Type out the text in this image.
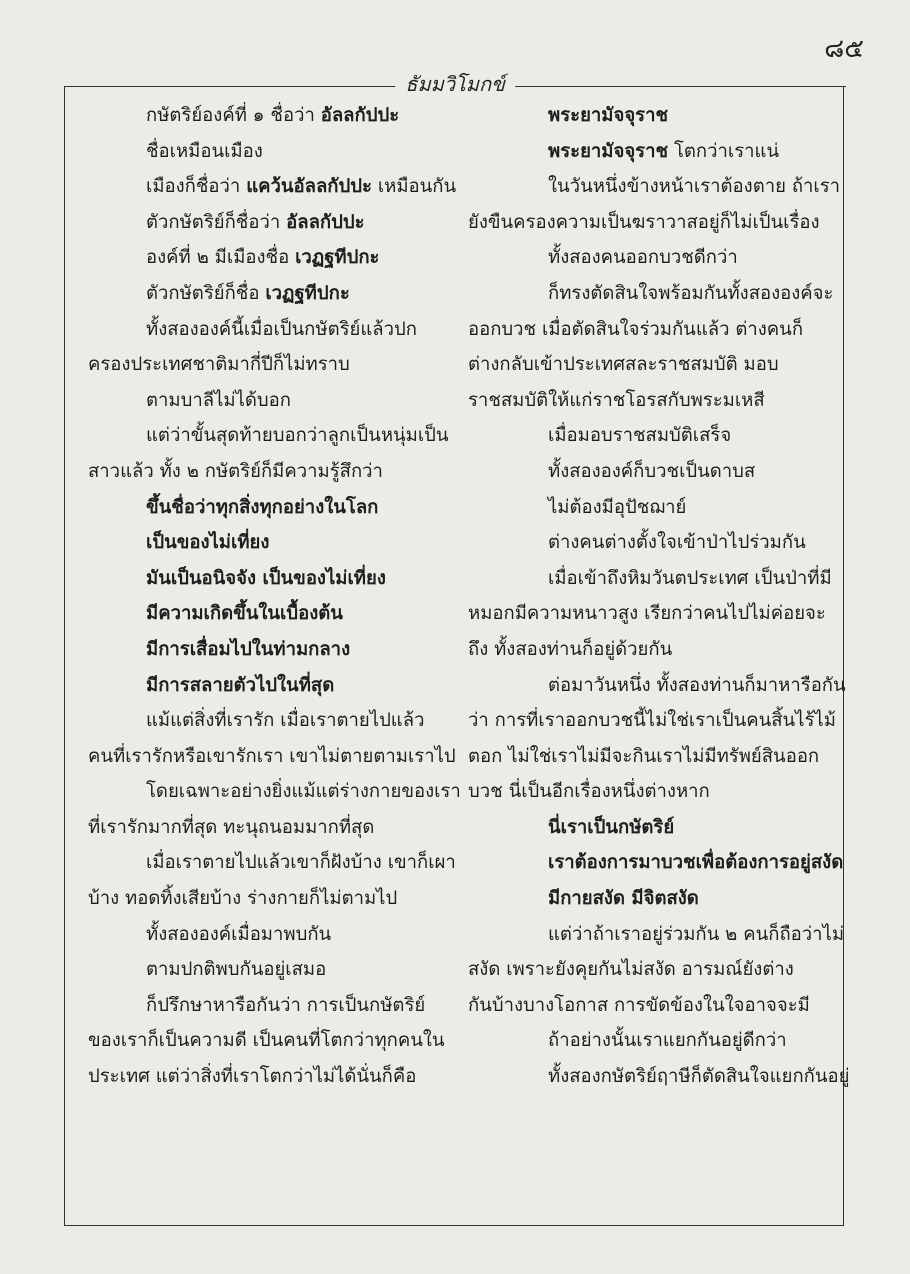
๘๕
ธัมมวิโมกข์
กษัตริย์องค์ที่ ๑ ชื่อว่า อัลลกัปปะ
ชื่อเหมือนเมือง
เมืองก็ชื่อว่า แคว้นอัลลกัปปะ เหมือนกัน
ตัวกษัตริย์ก็ชื่อว่า อัลลกัปปะ
องค์ที่ ๒ มีเมืองชื่อ เวฏฐทีปกะ
ตัวกษัตริย์ก็ชื่อ เวฏฐทีปกะ
ทั้งสององค์นี้เมื่อเป็นกษัตริย์แล้วปก
ครองประเทศชาติมากี่ปีก็ไม่ทราบ
ตามบาลีไม่ได้บอก
แต่ว่าขั้นสุดท้ายบอกว่าลูกเป็นหนุ่มเป็น
สาวแล้ว ทั้ง ๒ กษัตริย์ก็มีความรู้สึกว่า
ขึ้นชื่อว่าทุกสิ่งทุกอย่างในโลก
เป็นของไม่เที่ยง
มันเป็นอนิจจัง เป็นของไม่เที่ยง
มีความเกิดขึ้นในเบื้องต้น
มีการเสื่อมไปในท่ามกลาง
มีการสลายตัวไปในที่สุด
แม้แต่สิ่งที่เรารัก เมื่อเราตายไปแล้ว
คนที่เรารักหรือเขารักเรา เขาไม่ตายตามเราไป
โดยเฉพาะอย่างยิ่งแม้แต่ร่างกายของเรา
ที่เรารักมากที่สุด ทะนุถนอมมากที่สุด
เมื่อเราตายไปแล้วเขาก็ฝังบ้าง เขาก็เผา
บ้าง ทอดทิ้งเสียบ้าง ร่างกายก็ไม่ตามไป
ทั้งสององค์เมื่อมาพบกัน
ตามปกติพบกันอยู่เสมอ
ก็ปรึกษาหารือกันว่า การเป็นกษัตริย์
ของเราก็เป็นความดี เป็นคนที่โตกว่าทุกคนใน
ประเทศ แต่ว่าสิ่งที่เราโตกว่าไม่ได้นั่นก็คือ
พระยามัจจุราช
พระยามัจจุราช โตกว่าเราแน่
ในวันหนึ่งข้างหน้าเราต้องตาย ถ้าเรา
ยังขืนครองความเป็นฆราวาสอยู่ก็ไม่เป็นเรื่อง
ทั้งสองคนออกบวชดีกว่า
ก็ทรงตัดสินใจพร้อมกันทั้งสององค์จะ
ออกบวช เมื่อตัดสินใจร่วมกันแล้ว ต่างคนก็
ต่างกลับเข้าประเทศสละราชสมบัติ มอบ
ราชสมบัติให้แก่ราชโอรสกับพระมเหสี
เมื่อมอบราชสมบัติเสร็จ
ทั้งสององค์ก็บวชเป็นดาบส
ไม่ต้องมีอุปัชฌาย์
ต่างคนต่างตั้งใจเข้าป่าไปร่วมกัน
เมื่อเข้าถึงหิมวันตประเทศ เป็นป่าที่มี
หมอกมีความหนาวสูง เรียกว่าคนไปไม่ค่อยจะ
ถึง ทั้งสองท่านก็อยู่ด้วยกัน
ต่อมาวันหนึ่ง ทั้งสองท่านก็มาหารือกัน
ว่า การที่เราออกบวชนี้ไม่ใช่เราเป็นคนสิ้นไร้ไม้
ตอก ไม่ใช่เราไม่มีจะกินเราไม่มีทรัพย์สินออก
บวช นี่เป็นอีกเรื่องหนึ่งต่างหาก
นี่เราเป็นกษัตริย์
เราต้องการมาบวชเพื่อต้องการอยู่สงัด
มีกายสงัด มีจิตสงัด
แต่ว่าถ้าเราอยู่ร่วมกัน ๒ คนก็ถือว่าไม่
สงัด เพราะยังคุยกันไม่สงัด อารมณ์ยังต่าง
กันบ้างบางโอกาส การขัดข้องในใจอาจจะมี
ถ้าอย่างนั้นเราแยกกันอยู่ดีกว่า
ทั้งสองกษัตริย์ฤาษีก็ตัดสินใจแยกกันอยู่
